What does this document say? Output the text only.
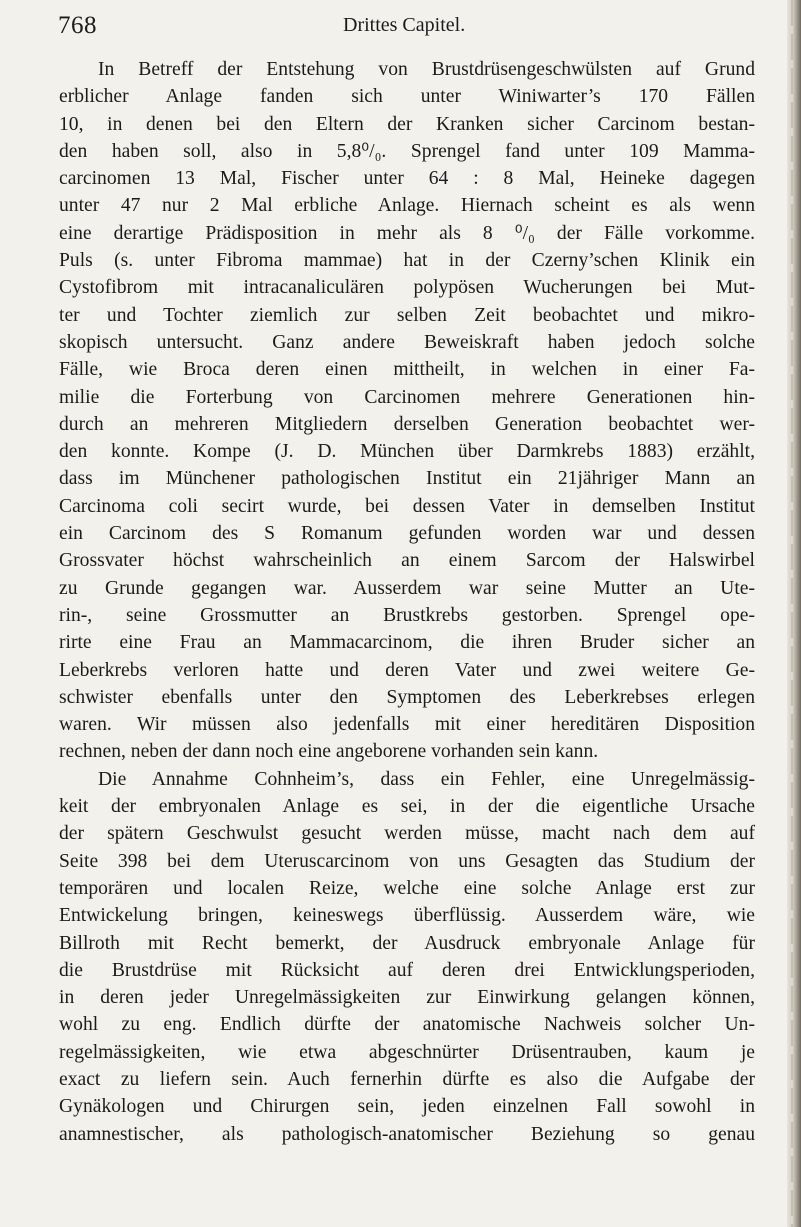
768	Drittes Capitel.
In Betreff der Entstehung von Brustdrüsengeschwülsten auf Grund
erblicher Anlage fanden sich unter Winiwarter’s 170 Fällen
10, in denen bei den Eltern der Kranken sicher Carcinom bestan-
den haben soll, also in 5,8⁰/₀. Sprengel fand unter 109 Mamma-
carcinomen 13 Mal, Fischer unter 64 : 8 Mal, Heineke dagegen
unter 47 nur 2 Mal erbliche Anlage. Hiernach scheint es als wenn
eine derartige Prädisposition in mehr als 8 ⁰/₀ der Fälle vorkomme.
Puls (s. unter Fibroma mammae) hat in der Czerny’schen Klinik ein
Cystofibrom mit intracanaliculären polypösen Wucherungen bei Mut-
ter und Tochter ziemlich zur selben Zeit beobachtet und mikro-
skopisch untersucht. Ganz andere Beweiskraft haben jedoch solche
Fälle, wie Broca deren einen mittheilt, in welchen in einer Fa-
milie die Forterbung von Carcinomen mehrere Generationen hin-
durch an mehreren Mitgliedern derselben Generation beobachtet wer-
den konnte. Kompe (J. D. München über Darmkrebs 1883) erzählt,
dass im Münchener pathologischen Institut ein 21jähriger Mann an
Carcinoma coli secirt wurde, bei dessen Vater in demselben Institut
ein Carcinom des S Romanum gefunden worden war und dessen
Grossvater höchst wahrscheinlich an einem Sarcom der Halswirbel
zu Grunde gegangen war. Ausserdem war seine Mutter an Ute-
rin-, seine Grossmutter an Brustkrebs gestorben. Sprengel ope-
rirte eine Frau an Mammacarcinom, die ihren Bruder sicher an
Leberkrebs verloren hatte und deren Vater und zwei weitere Ge-
schwister ebenfalls unter den Symptomen des Leberkrebses erlegen
waren. Wir müssen also jedenfalls mit einer hereditären Disposition
rechnen, neben der dann noch eine angeborene vorhanden sein kann.
Die Annahme Cohnheim’s, dass ein Fehler, eine Unregelmässig-
keit der embryonalen Anlage es sei, in der die eigentliche Ursache
der spätern Geschwulst gesucht werden müsse, macht nach dem auf
Seite 398 bei dem Uteruscarcinom von uns Gesagten das Studium der
temporären und localen Reize, welche eine solche Anlage erst zur
Entwickelung bringen, keineswegs überflüssig. Ausserdem wäre, wie
Billroth mit Recht bemerkt, der Ausdruck embryonale Anlage für
die Brustdrüse mit Rücksicht auf deren drei Entwicklungsperioden,
in deren jeder Unregelmässigkeiten zur Einwirkung gelangen können,
wohl zu eng. Endlich dürfte der anatomische Nachweis solcher Un-
regelmässigkeiten, wie etwa abgeschnürter Drüsentrauben, kaum je
exact zu liefern sein. Auch fernerhin dürfte es also die Aufgabe der
Gynäkologen und Chirurgen sein, jeden einzelnen Fall sowohl in
anamnestischer, als pathologisch-anatomischer Beziehung so genau
